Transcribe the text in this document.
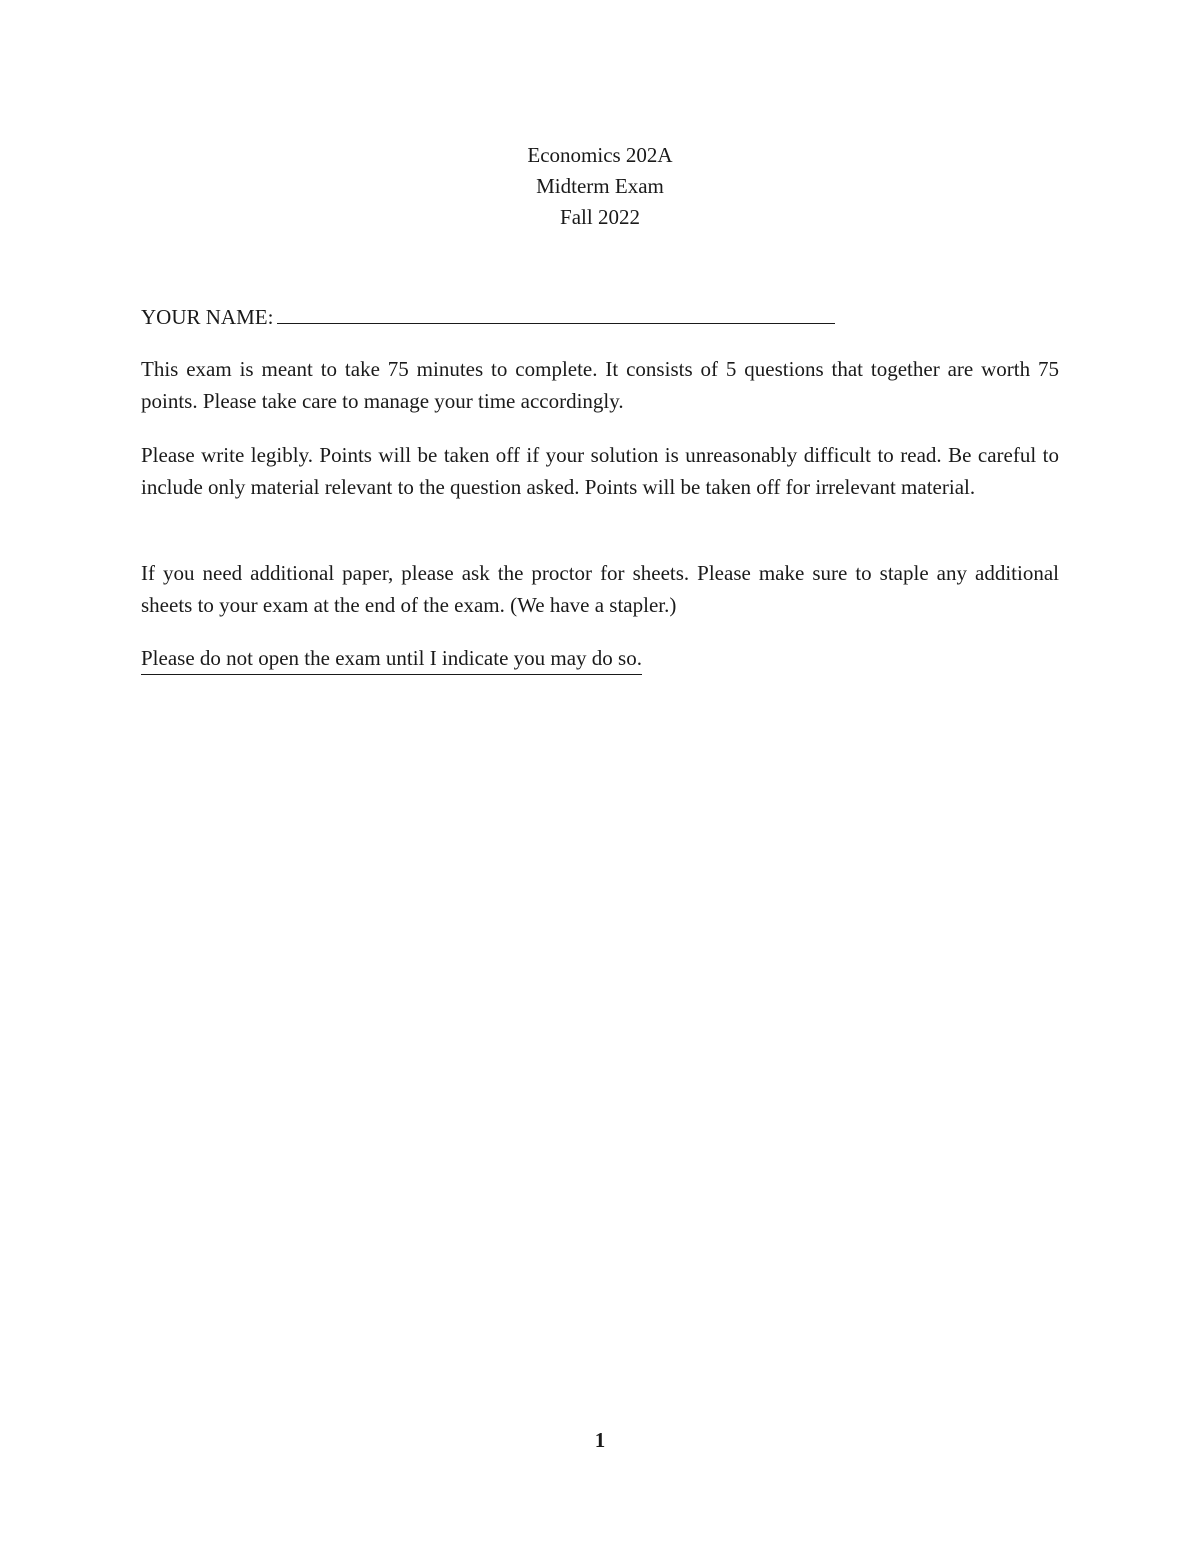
Economics 202A
Midterm Exam
Fall 2022
YOUR NAME:

This exam is meant to take 75 minutes to complete. It consists of 5 questions that together are worth 75 points. Please take care to manage your time accordingly.

Please write legibly. Points will be taken off if your solution is unreasonably difficult to read. Be careful to include only material relevant to the question asked. Points will be taken off for irrelevant material.

If you need additional paper, please ask the proctor for sheets. Please make sure to staple any additional sheets to your exam at the end of the exam. (We have a stapler.)

Please do not open the exam until I indicate you may do so.
1
